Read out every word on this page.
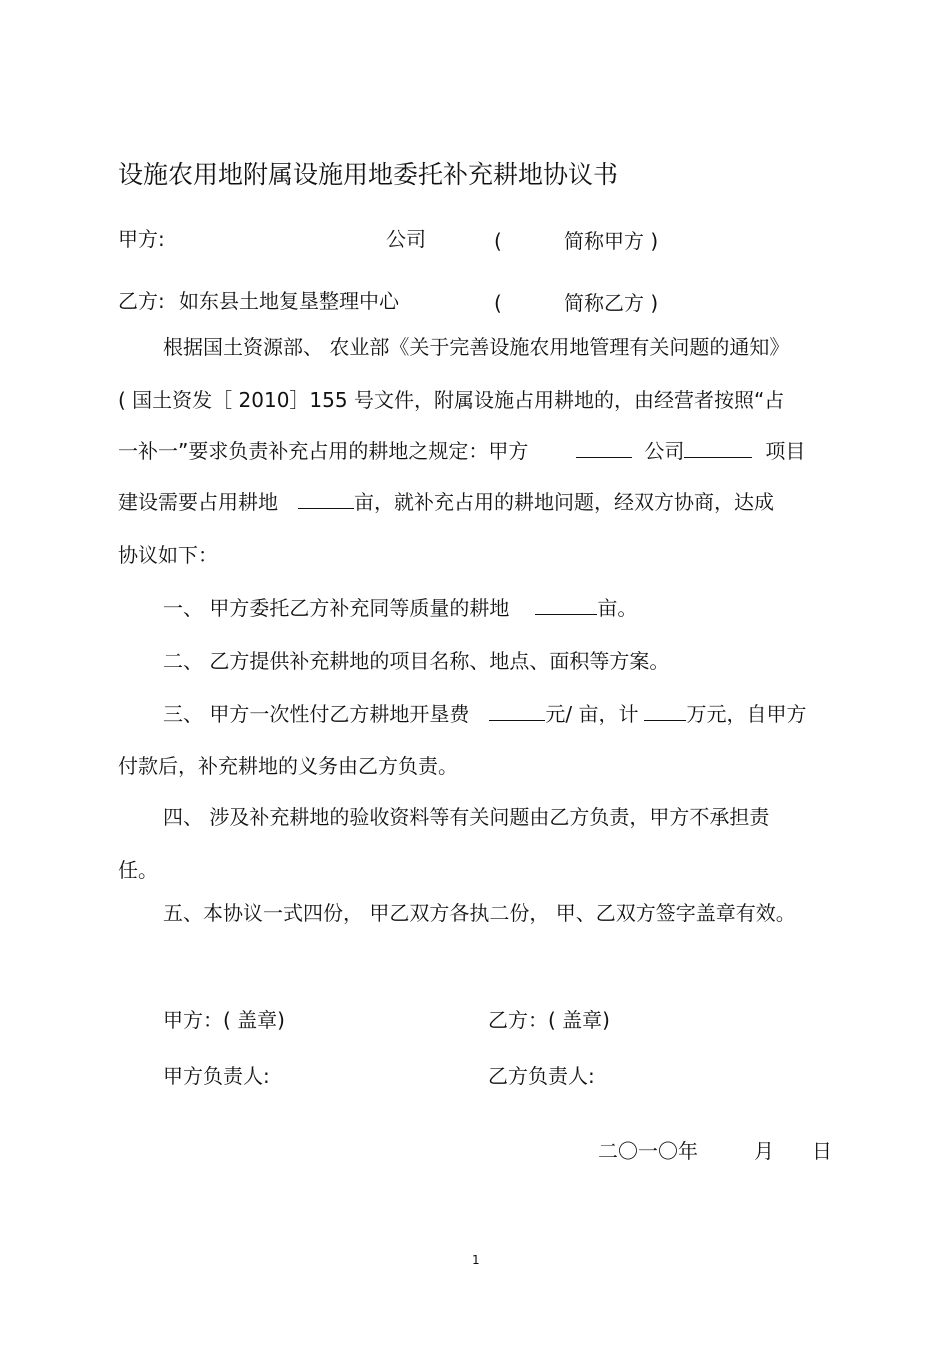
设施农用地附属设施用地委托补充耕地协议书
甲方:	公司	(	简称甲方 )
乙方: 如东县土地复垦整理中心	(	简称乙方 )
根据国土资源部、 农业部《关于完善设施农用地管理有关问题的通知》
( 国土资发［ 2010］155 号文件，附属设施占用耕地的，由经营者按照“占
一补一”要求负责补充占用的耕地之规定：甲方	公司	项目
建设需要占用耕地	亩，就补充占用的耕地问题，经双方协商，达成
协议如下：
一、 甲方委托乙方补充同等质量的耕地	亩。
二、 乙方提供补充耕地的项目名称、地点、面积等方案。
三、 甲方一次性付乙方耕地开垦费	元/ 亩，计 万元，自甲方
付款后，补充耕地的义务由乙方负责。
四、 涉及补充耕地的验收资料等有关问题由乙方负责，甲方不承担责
任。
五、本协议一式四份， 甲乙双方各执二份， 甲、乙双方签字盖章有效。
甲方：( 盖章)	乙方：( 盖章)
甲方负责人:	乙方负责人:
二〇一〇年	月 日
1
